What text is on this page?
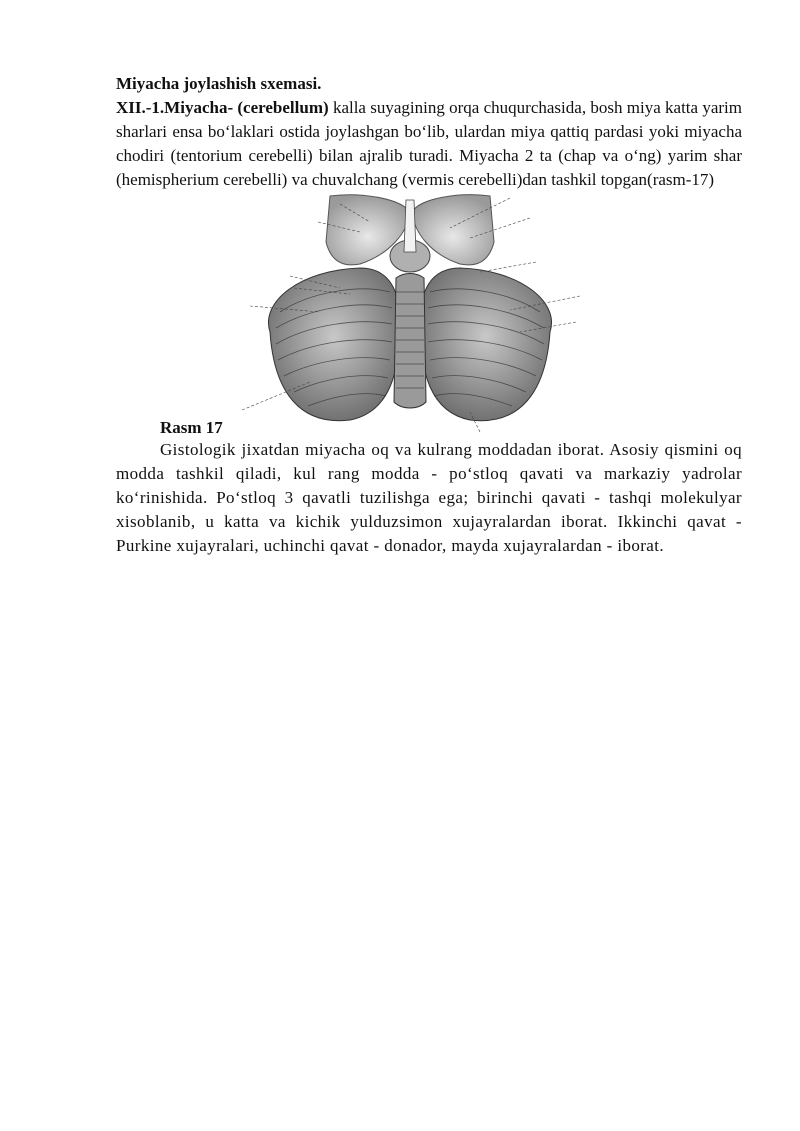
Miyacha joylashish sxemasi.

XII.-1.Miyacha- (cerebellum) kalla suyagining orqa chuqurchasida, bosh miya katta yarim sharlari ensa bo‘laklari ostida joylashgan bo‘lib, ulardan miya qattiq pardasi yoki miyacha chodiri (tentorium cerebelli) bilan ajralib turadi. Miyacha 2 ta (chap va o‘ng) yarim shar (hemispherium cerebelli) va chuvalchang (vermis cerebelli)dan tashkil topgan(rasm-17)

Rasm 17

Gistologik jixatdan miyacha oq va kulrang moddadan iborat. Asosiy qismini oq modda tashkil qiladi, kul rang modda - po‘stloq qavati va markaziy yadrolar ko‘rinishida. Po‘stloq 3 qavatli tuzilishga ega; birinchi qavati - tashqi molekulyar xisoblanib, u katta va kichik yulduzsimon xujayralardan iborat. Ikkinchi qavat - Purkine xujayralari, uchinchi qavat - donador, mayda xujayralardan - iborat.
